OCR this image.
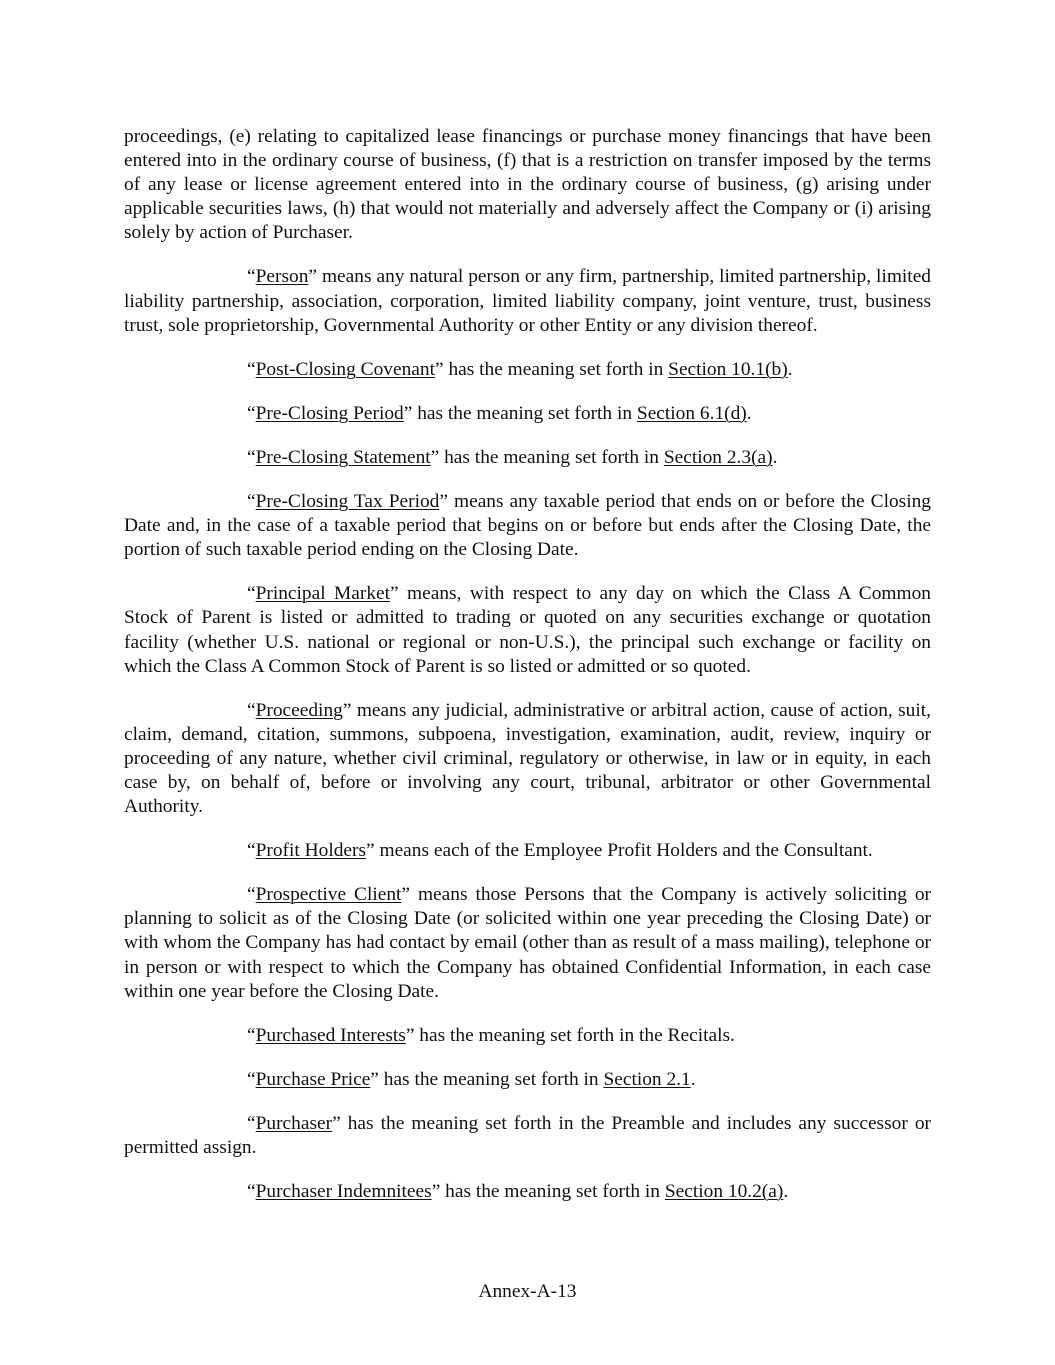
proceedings, (e) relating to capitalized lease financings or purchase money financings that have been entered into in the ordinary course of business, (f) that is a restriction on transfer imposed by the terms of any lease or license agreement entered into in the ordinary course of business, (g) arising under applicable securities laws, (h) that would not materially and adversely affect the Company or (i) arising solely by action of Purchaser.

“Person” means any natural person or any firm, partnership, limited partnership, limited liability partnership, association, corporation, limited liability company, joint venture, trust, business trust, sole proprietorship, Governmental Authority or other Entity or any division thereof.

“Post-Closing Covenant” has the meaning set forth in Section 10.1(b).

“Pre-Closing Period” has the meaning set forth in Section 6.1(d).

“Pre-Closing Statement” has the meaning set forth in Section 2.3(a).

“Pre-Closing Tax Period” means any taxable period that ends on or before the Closing Date and, in the case of a taxable period that begins on or before but ends after the Closing Date, the portion of such taxable period ending on the Closing Date.

“Principal Market” means, with respect to any day on which the Class A Common Stock of Parent is listed or admitted to trading or quoted on any securities exchange or quotation facility (whether U.S. national or regional or non-U.S.), the principal such exchange or facility on which the Class A Common Stock of Parent is so listed or admitted or so quoted.

“Proceeding” means any judicial, administrative or arbitral action, cause of action, suit, claim, demand, citation, summons, subpoena, investigation, examination, audit, review, inquiry or proceeding of any nature, whether civil criminal, regulatory or otherwise, in law or in equity, in each case by, on behalf of, before or involving any court, tribunal, arbitrator or other Governmental Authority.

“Profit Holders” means each of the Employee Profit Holders and the Consultant.

“Prospective Client” means those Persons that the Company is actively soliciting or planning to solicit as of the Closing Date (or solicited within one year preceding the Closing Date) or with whom the Company has had contact by email (other than as result of a mass mailing), telephone or in person or with respect to which the Company has obtained Confidential Information, in each case within one year before the Closing Date.

“Purchased Interests” has the meaning set forth in the Recitals.

“Purchase Price” has the meaning set forth in Section 2.1.

“Purchaser” has the meaning set forth in the Preamble and includes any successor or permitted assign.

“Purchaser Indemnitees” has the meaning set forth in Section 10.2(a).

Annex-A-13
